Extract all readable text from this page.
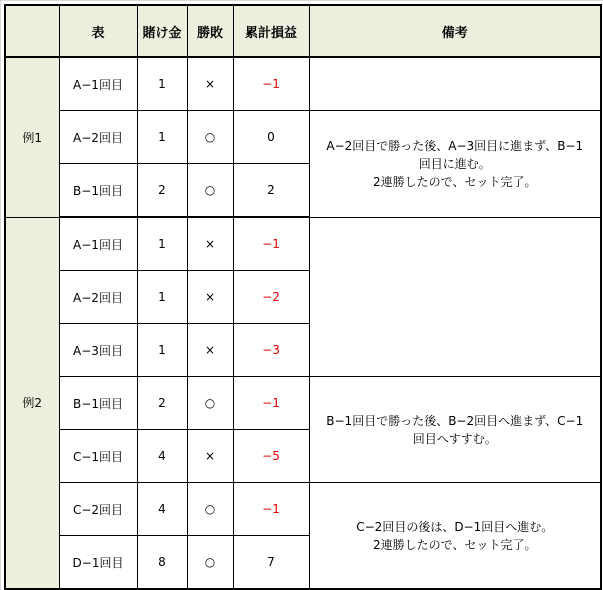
	表	賭け金	勝敗	累計損益	備考
例1	A−1回目	1	×	−1	
	A−2回目	1	○	0	A−2回目で勝った後、A−3回目に進まず、B−1
回目に進む。
2連勝したので、セット完了。

	B−1回目	2	○	2	
例2	A−1回目	1	×	−1	
	A−2回目	1	×	−2	
	A−3回目	1	×	−3	
	B−1回目	2	○	−1	B−1回目で勝った後、B−2回目へ進まず、C−1
回目へすすむ。

	C−1回目	4	×	−5	
	C−2回目	4	○	−1	C−2回目の後は、D−1回目へ進む。
2連勝したので、セット完了。

	D−1回目	8	○	7	
